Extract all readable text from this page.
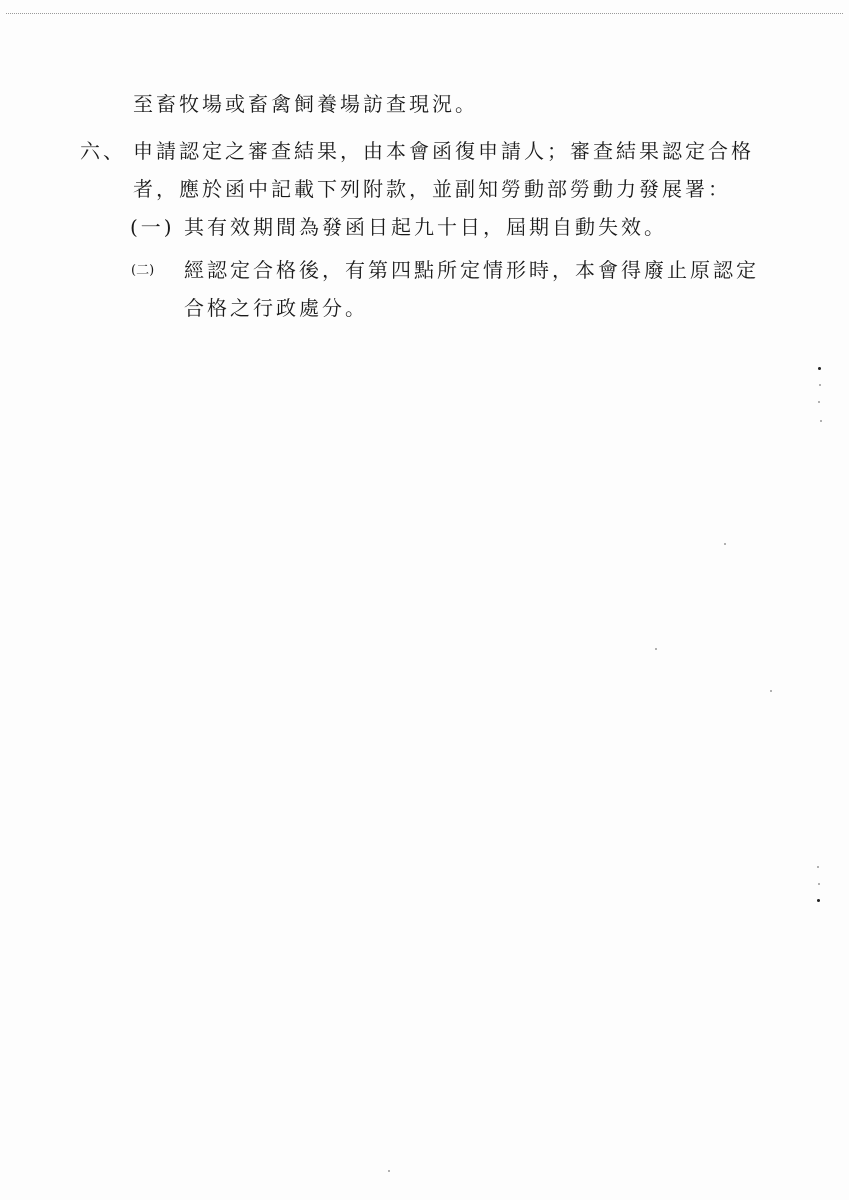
至畜牧場或畜禽飼養場訪查現況。
六、 申請認定之審查結果，由本會函復申請人；審查結果認定合格
者，應於函中記載下列附款，並副知勞動部勞動力發展署：
(一) 其有效期間為發函日起九十日，屆期自動失效。
(二) 經認定合格後，有第四點所定情形時，本會得廢止原認定
合格之行政處分。
